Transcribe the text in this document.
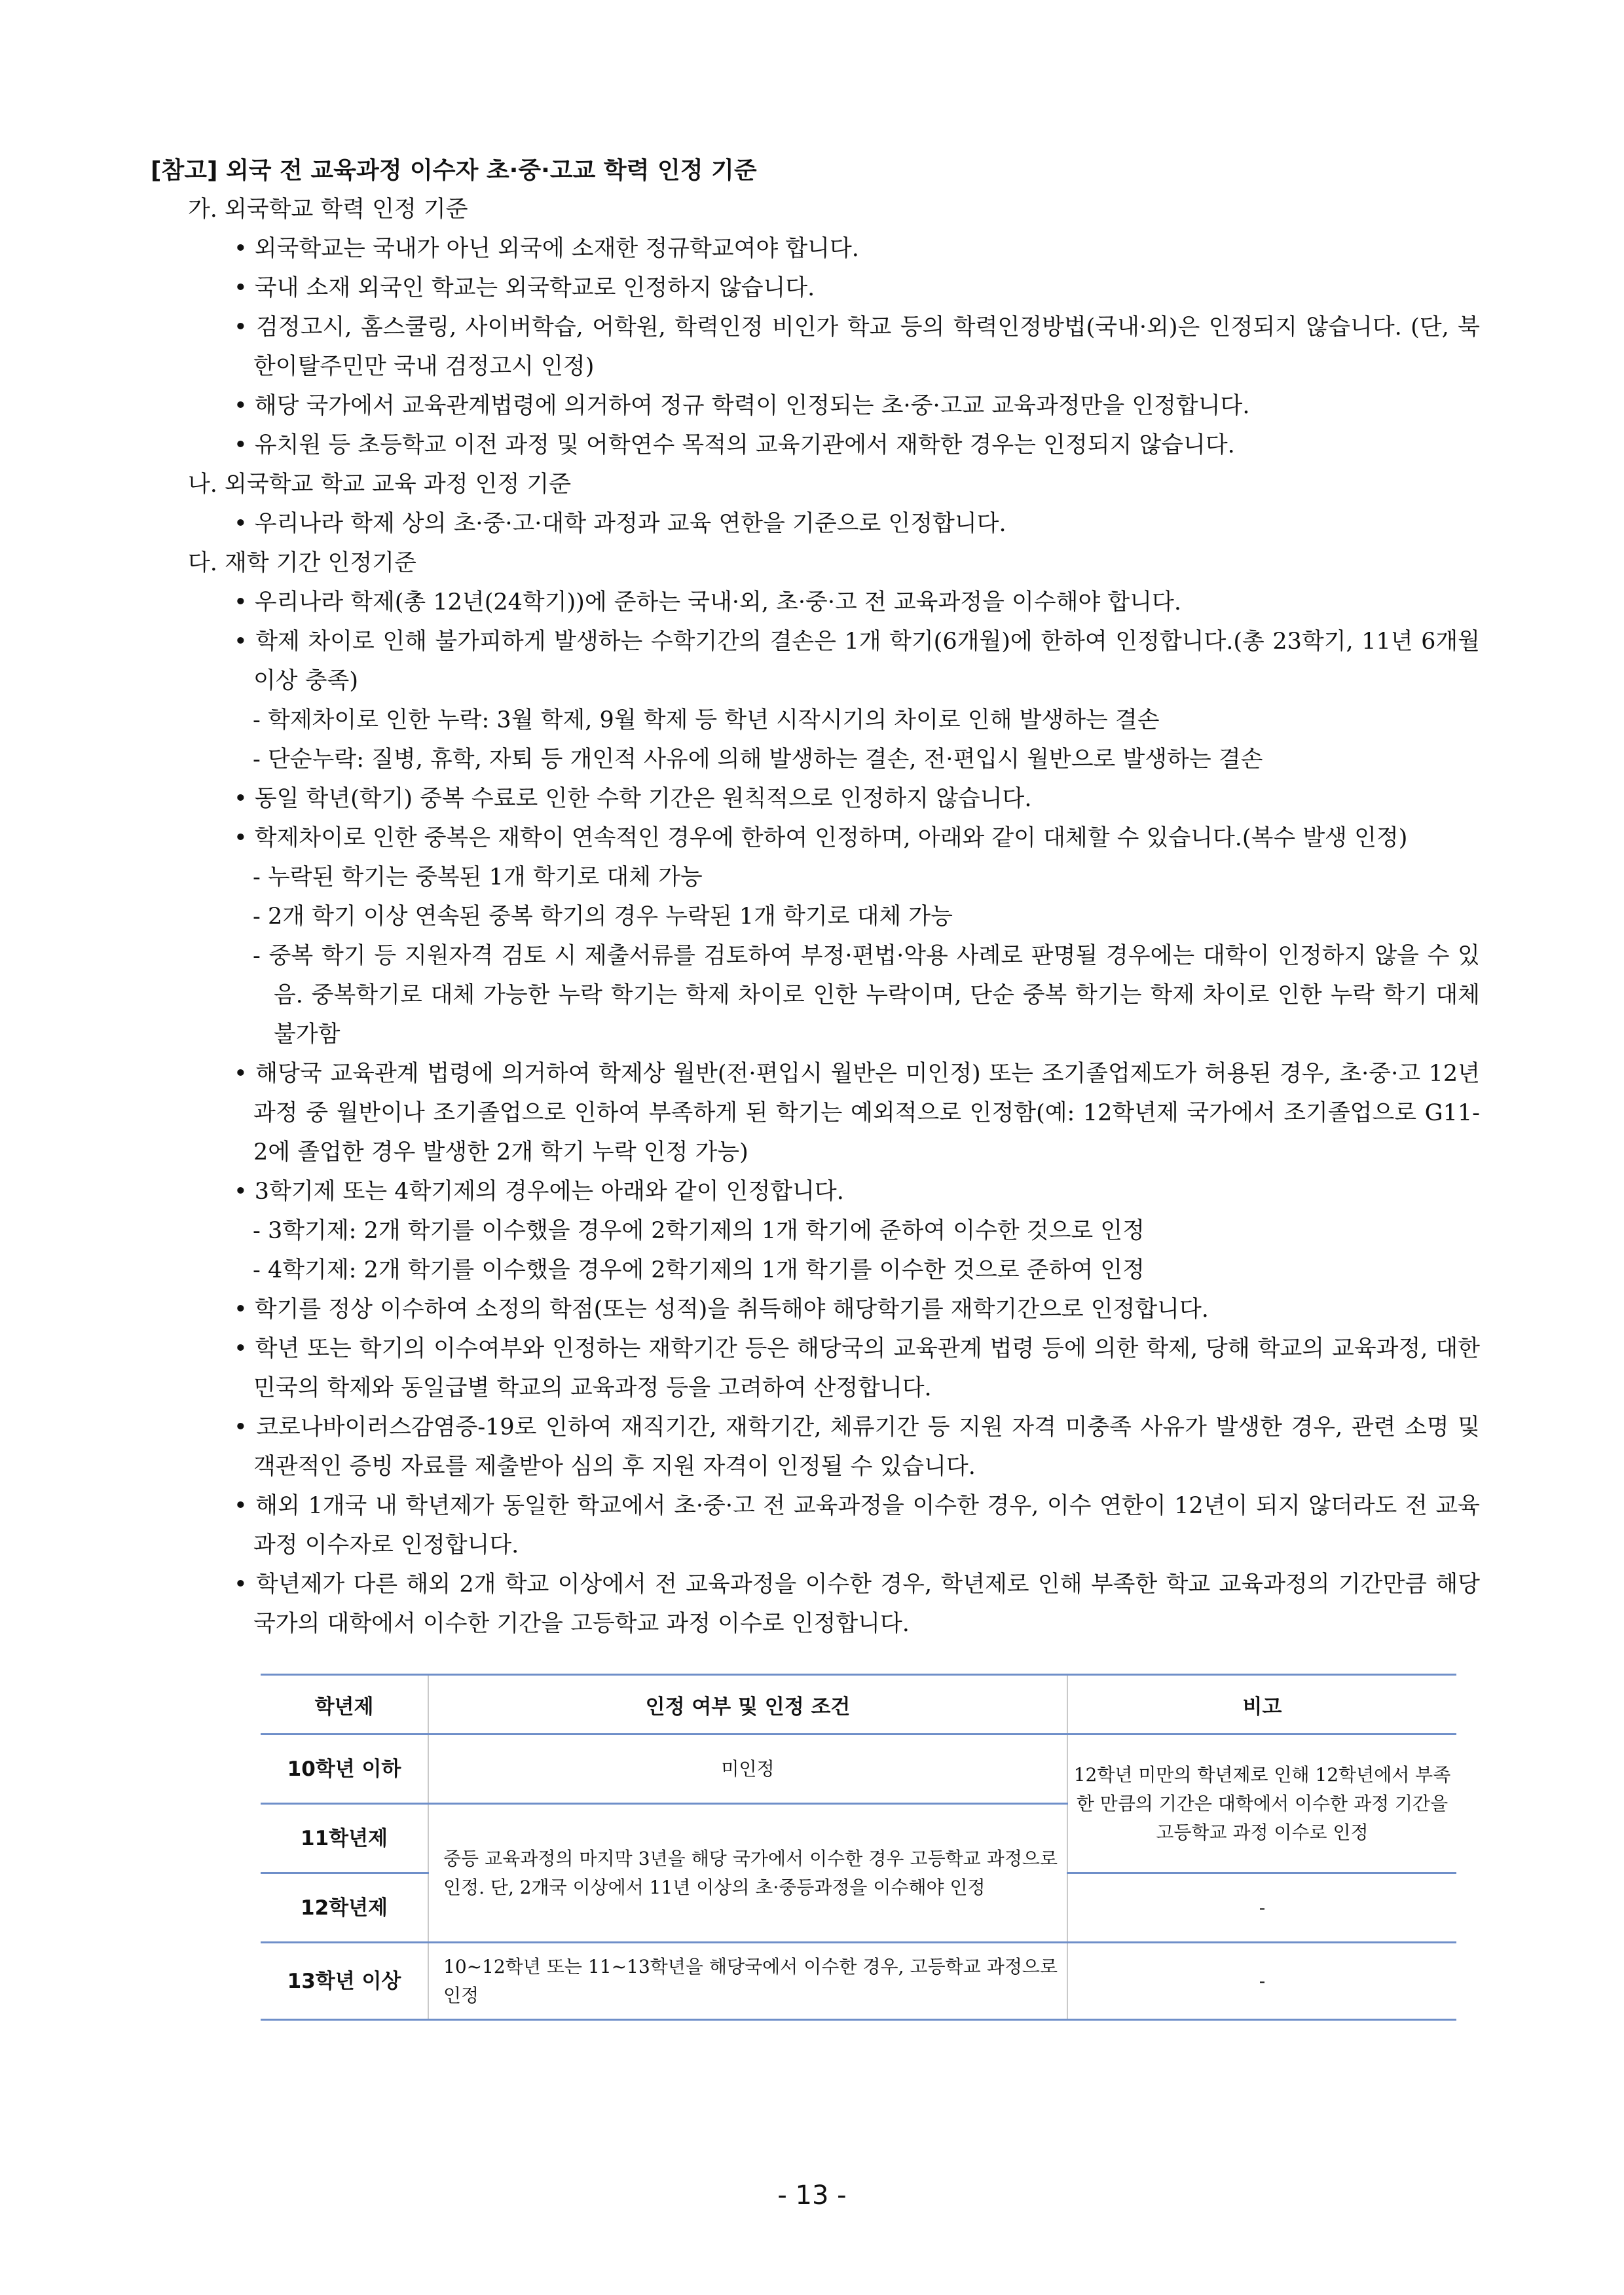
[참고] 외국 전 교육과정 이수자 초·중·고교 학력 인정 기준
가. 외국학교 학력 인정 기준
• 외국학교는 국내가 아닌 외국에 소재한 정규학교여야 합니다.
• 국내 소재 외국인 학교는 외국학교로 인정하지 않습니다.
• 검정고시, 홈스쿨링, 사이버학습, 어학원, 학력인정 비인가 학교 등의 학력인정방법(국내·외)은 인정되지 않습니다. (단, 북한이탈주민만 국내 검정고시 인정)
• 해당 국가에서 교육관계법령에 의거하여 정규 학력이 인정되는 초·중·고교 교육과정만을 인정합니다.
• 유치원 등 초등학교 이전 과정 및 어학연수 목적의 교육기관에서 재학한 경우는 인정되지 않습니다.
나. 외국학교 학교 교육 과정 인정 기준
• 우리나라 학제 상의 초·중·고·대학 과정과 교육 연한을 기준으로 인정합니다.
다. 재학 기간 인정기준
• 우리나라 학제(총 12년(24학기))에 준하는 국내·외, 초·중·고 전 교육과정을 이수해야 합니다.
• 학제 차이로 인해 불가피하게 발생하는 수학기간의 결손은 1개 학기(6개월)에 한하여 인정합니다.(총 23학기, 11년 6개월 이상 충족)
- 학제차이로 인한 누락: 3월 학제, 9월 학제 등 학년 시작시기의 차이로 인해 발생하는 결손
- 단순누락: 질병, 휴학, 자퇴 등 개인적 사유에 의해 발생하는 결손, 전·편입시 월반으로 발생하는 결손
• 동일 학년(학기) 중복 수료로 인한 수학 기간은 원칙적으로 인정하지 않습니다.
• 학제차이로 인한 중복은 재학이 연속적인 경우에 한하여 인정하며, 아래와 같이 대체할 수 있습니다.(복수 발생 인정)
- 누락된 학기는 중복된 1개 학기로 대체 가능
- 2개 학기 이상 연속된 중복 학기의 경우 누락된 1개 학기로 대체 가능
- 중복 학기 등 지원자격 검토 시 제출서류를 검토하여 부정·편법·악용 사례로 판명될 경우에는 대학이 인정하지 않을 수 있음. 중복학기로 대체 가능한 누락 학기는 학제 차이로 인한 누락이며, 단순 중복 학기는 학제 차이로 인한 누락 학기 대체 불가함
• 해당국 교육관계 법령에 의거하여 학제상 월반(전·편입시 월반은 미인정) 또는 조기졸업제도가 허용된 경우, 초·중·고 12년 과정 중 월반이나 조기졸업으로 인하여 부족하게 된 학기는 예외적으로 인정함(예: 12학년제 국가에서 조기졸업으로 G11-2에 졸업한 경우 발생한 2개 학기 누락 인정 가능)
• 3학기제 또는 4학기제의 경우에는 아래와 같이 인정합니다.
- 3학기제: 2개 학기를 이수했을 경우에 2학기제의 1개 학기에 준하여 이수한 것으로 인정
- 4학기제: 2개 학기를 이수했을 경우에 2학기제의 1개 학기를 이수한 것으로 준하여 인정
• 학기를 정상 이수하여 소정의 학점(또는 성적)을 취득해야 해당학기를 재학기간으로 인정합니다.
• 학년 또는 학기의 이수여부와 인정하는 재학기간 등은 해당국의 교육관계 법령 등에 의한 학제, 당해 학교의 교육과정, 대한민국의 학제와 동일급별 학교의 교육과정 등을 고려하여 산정합니다.
• 코로나바이러스감염증-19로 인하여 재직기간, 재학기간, 체류기간 등 지원 자격 미충족 사유가 발생한 경우, 관련 소명 및 객관적인 증빙 자료를 제출받아 심의 후 지원 자격이 인정될 수 있습니다.
• 해외 1개국 내 학년제가 동일한 학교에서 초·중·고 전 교육과정을 이수한 경우, 이수 연한이 12년이 되지 않더라도 전 교육과정 이수자로 인정합니다.
• 학년제가 다른 해외 2개 학교 이상에서 전 교육과정을 이수한 경우, 학년제로 인해 부족한 학교 교육과정의 기간만큼 해당 국가의 대학에서 이수한 기간을 고등학교 과정 이수로 인정합니다.
학년제	인정 여부 및 인정 조건	비고
10학년 이하	미인정	12학년 미만의 학년제로 인해 12학년에서 부족한 만큼의 기간은 대학에서 이수한 과정 기간을 고등학교 과정 이수로 인정
11학년제	중등 교육과정의 마지막 3년을 해당 국가에서 이수한 경우 고등학교 과정으로 인정. 단, 2개국 이상에서 11년 이상의 초·중등과정을 이수해야 인정	
12학년제		-
13학년 이상	10~12학년 또는 11~13학년을 해당국에서 이수한 경우, 고등학교 과정으로 인정	-
- 13 -
